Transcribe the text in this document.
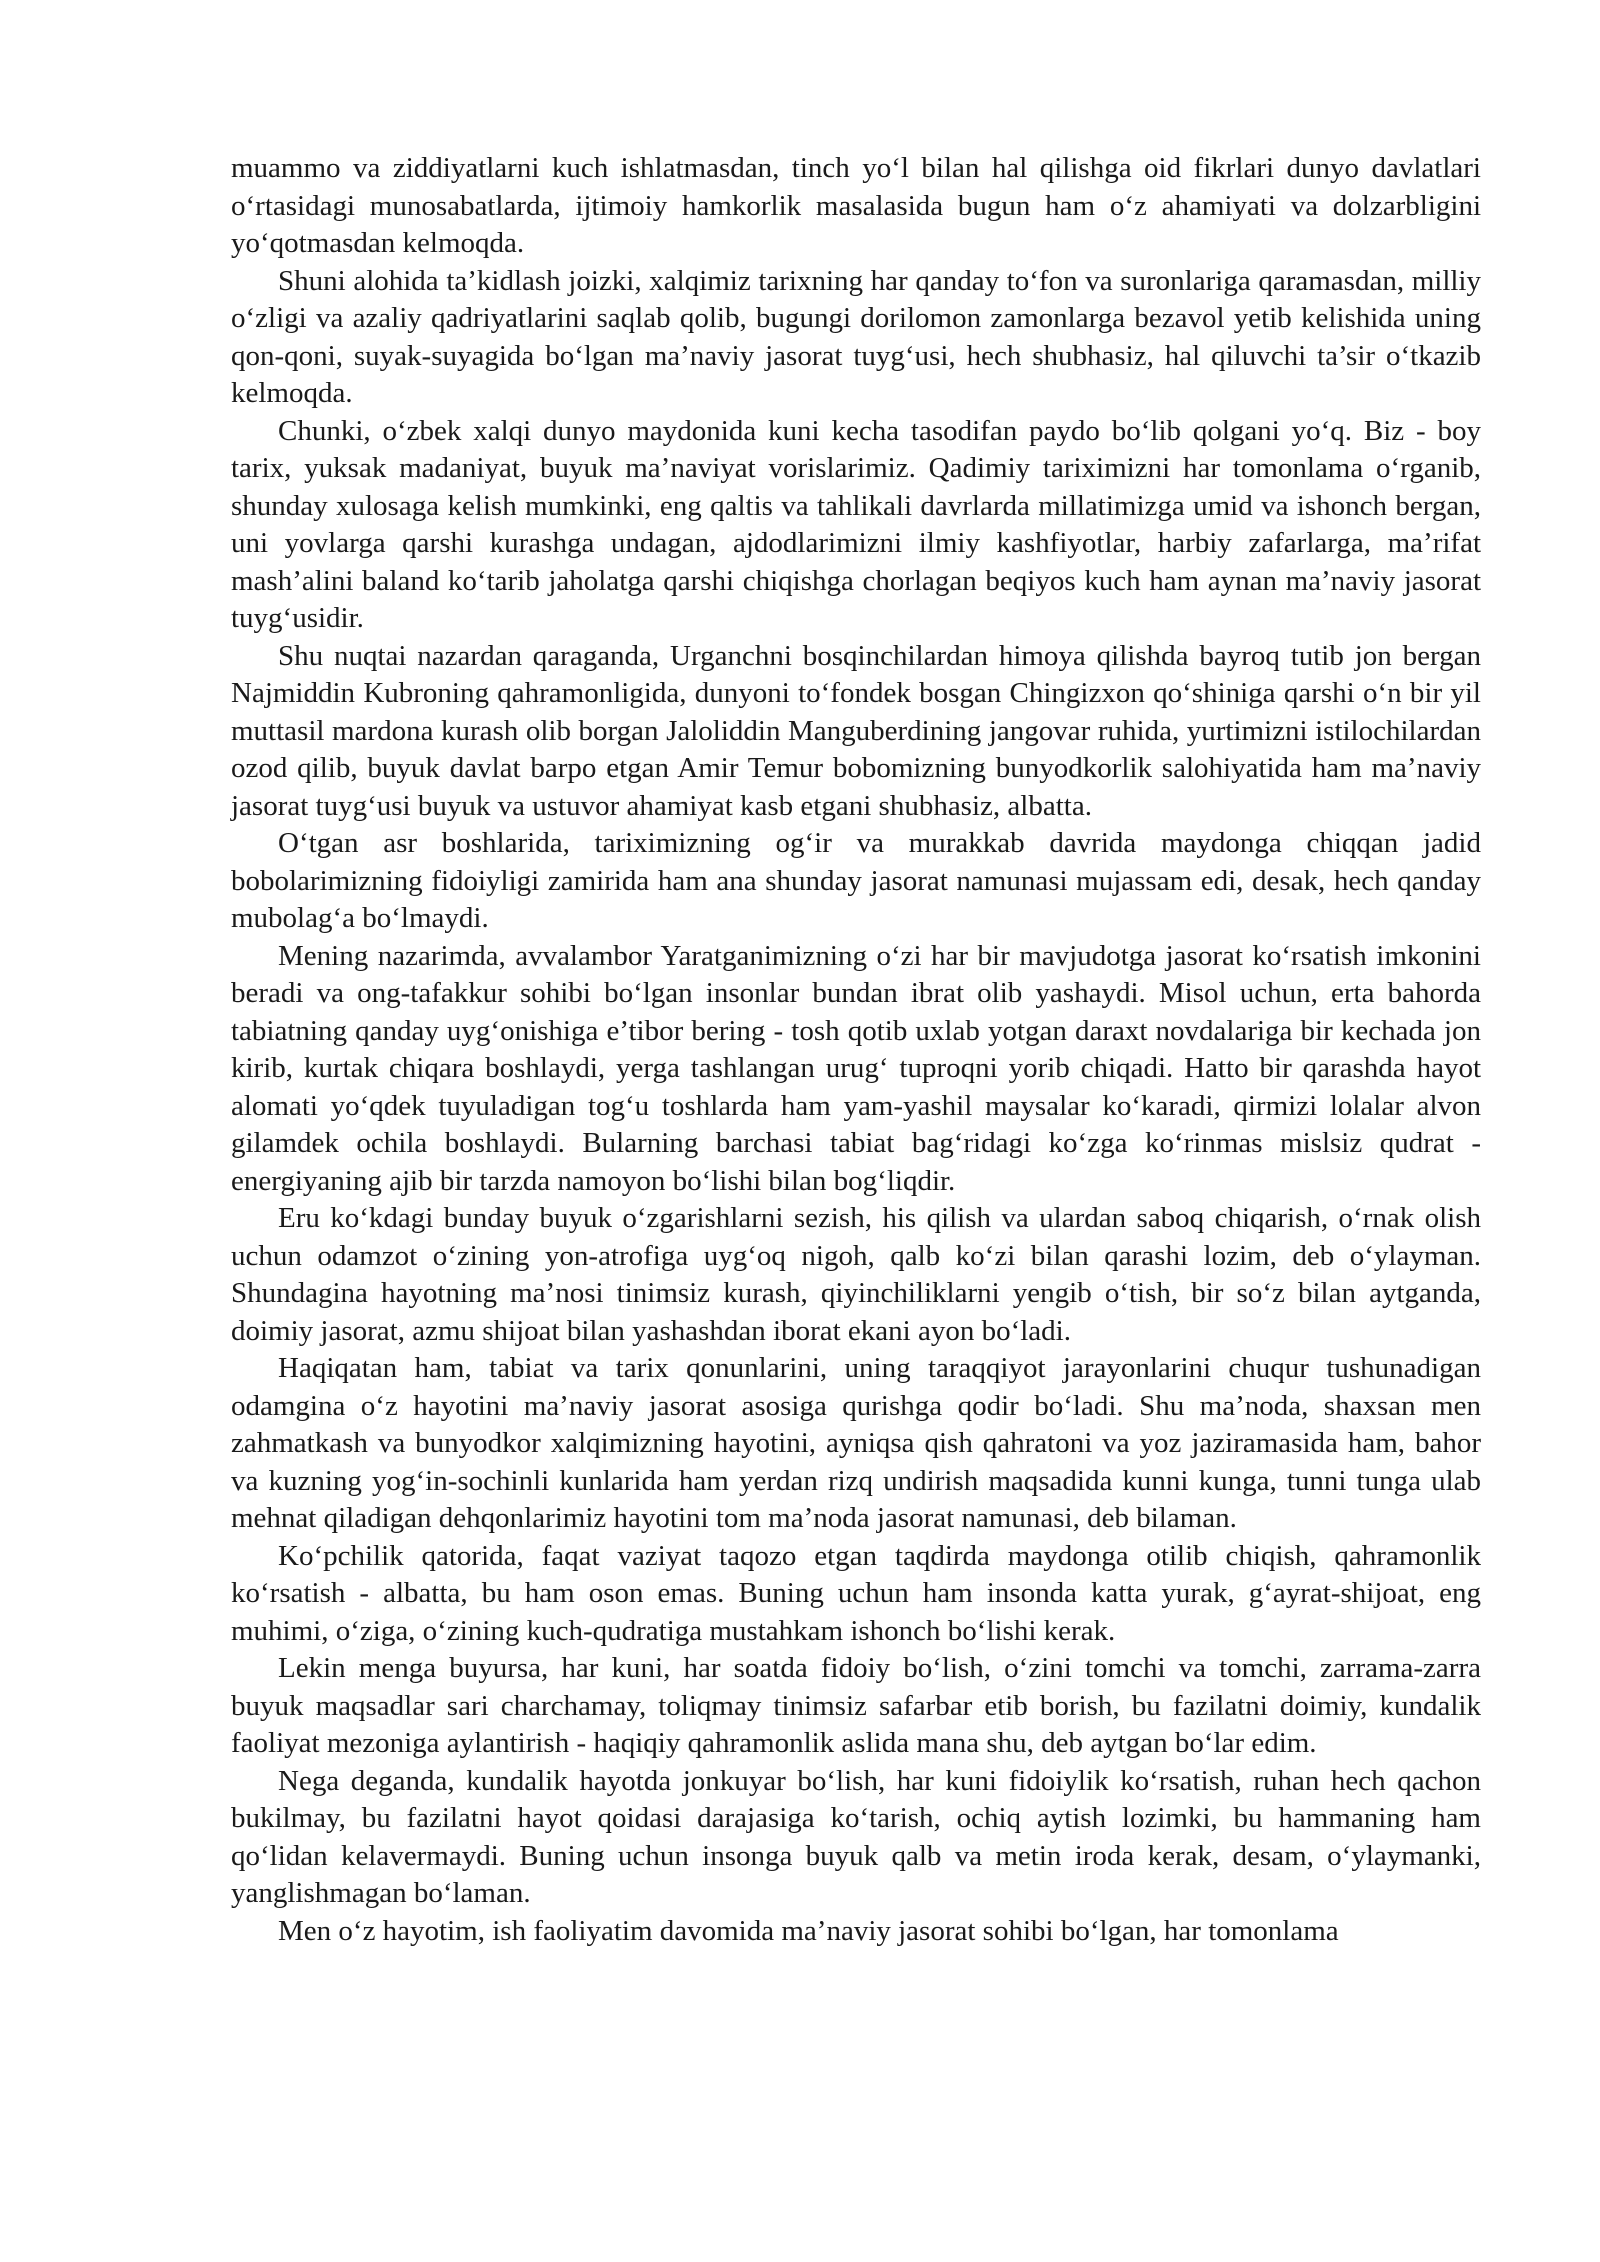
muammo va ziddiyatlarni kuch ishlatmasdan, tinch yo‘l bilan hal qilishga oid fikrlari dunyo davlatlari o‘rtasidagi munosabatlarda, ijtimoiy hamkorlik masalasida bugun ham o‘z ahamiyati va dolzarbligini yo‘qotmasdan kelmoqda.

Shuni alohida ta’kidlash joizki, xalqimiz tarixning har qanday to‘fon va suronlariga qaramasdan, milliy o‘zligi va azaliy qadriyatlarini saqlab qolib, bugungi dorilomon zamonlarga bezavol yetib kelishida uning qon-qoni, suyak-suyagida bo‘lgan ma’naviy jasorat tuyg‘usi, hech shubhasiz, hal qiluvchi ta’sir o‘tkazib kelmoqda.

Chunki, o‘zbek xalqi dunyo maydonida kuni kecha tasodifan paydo bo‘lib qolgani yo‘q. Biz - boy tarix, yuksak madaniyat, buyuk ma’naviyat vorislarimiz. Qadimiy tariximizni har tomonlama o‘rganib, shunday xulosaga kelish mumkinki, eng qaltis va tahlikali davrlarda millatimizga umid va ishonch bergan, uni yovlarga qarshi kurashga undagan, ajdodlarimizni ilmiy kashfiyotlar, harbiy zafarlarga, ma’rifat mash’alini baland ko‘tarib jaholatga qarshi chiqishga chorlagan beqiyos kuch ham aynan ma’naviy jasorat tuyg‘usidir.

Shu nuqtai nazardan qaraganda, Urganchni bosqinchilardan himoya qilishda bayroq tutib jon bergan Najmiddin Kubroning qahramonligida, dunyoni to‘fondek bosgan Chingizxon qo‘shiniga qarshi o‘n bir yil muttasil mardona kurash olib borgan Jaloliddin Manguberdining jangovar ruhida, yurtimizni istilochilardan ozod qilib, buyuk davlat barpo etgan Amir Temur bobomizning bunyodkorlik salohiyatida ham ma’naviy jasorat tuyg‘usi buyuk va ustuvor ahamiyat kasb etgani shubhasiz, albatta.

O‘tgan asr boshlarida, tariximizning og‘ir va murakkab davrida maydonga chiqqan jadid bobolarimizning fidoiyligi zamirida ham ana shunday jasorat namunasi mujassam edi, desak, hech qanday mubolag‘a bo‘lmaydi.

Mening nazarimda, avvalambor Yaratganimizning o‘zi har bir mavjudotga jasorat ko‘rsatish imkonini beradi va ong-tafakkur sohibi bo‘lgan insonlar bundan ibrat olib yashaydi. Misol uchun, erta bahorda tabiatning qanday uyg‘onishiga e’tibor bering - tosh qotib uxlab yotgan daraxt novdalariga bir kechada jon kirib, kurtak chiqara boshlaydi, yerga tashlangan urug‘ tuproqni yorib chiqadi. Hatto bir qarashda hayot alomati yo‘qdek tuyuladigan tog‘u toshlarda ham yam-yashil maysalar ko‘karadi, qirmizi lolalar alvon gilamdek ochila boshlaydi. Bularning barchasi tabiat bag‘ridagi ko‘zga ko‘rinmas mislsiz qudrat -energiyaning ajib bir tarzda namoyon bo‘lishi bilan bog‘liqdir.

Eru ko‘kdagi bunday buyuk o‘zgarishlarni sezish, his qilish va ulardan saboq chiqarish, o‘rnak olish uchun odamzot o‘zining yon-atrofiga uyg‘oq nigoh, qalb ko‘zi bilan qarashi lozim, deb o‘ylayman. Shundagina hayotning ma’nosi tinimsiz kurash, qiyinchiliklarni yengib o‘tish, bir so‘z bilan aytganda, doimiy jasorat, azmu shijoat bilan yashashdan iborat ekani ayon bo‘ladi.

Haqiqatan ham, tabiat va tarix qonunlarini, uning taraqqiyot jarayonlarini chuqur tushunadigan odamgina o‘z hayotini ma’naviy jasorat asosiga qurishga qodir bo‘ladi. Shu ma’noda, shaxsan men zahmatkash va bunyodkor xalqimizning hayotini, ayniqsa qish qahratoni va yoz jaziramasida ham, bahor va kuzning yog‘in-sochinli kunlarida ham yerdan rizq undirish maqsadida kunni kunga, tunni tunga ulab mehnat qiladigan dehqonlarimiz hayotini tom ma’noda jasorat namunasi, deb bilaman.

Ko‘pchilik qatorida, faqat vaziyat taqozo etgan taqdirda maydonga otilib chiqish, qahramonlik ko‘rsatish - albatta, bu ham oson emas. Buning uchun ham insonda katta yurak, g‘ayrat-shijoat, eng muhimi, o‘ziga, o‘zining kuch-qudratiga mustahkam ishonch bo‘lishi kerak.

Lekin menga buyursa, har kuni, har soatda fidoiy bo‘lish, o‘zini tomchi va tomchi, zarrama-zarra buyuk maqsadlar sari charchamay, toliqmay tinimsiz safarbar etib borish, bu fazilatni doimiy, kundalik faoliyat mezoniga aylantirish - haqiqiy qahramonlik aslida mana shu, deb aytgan bo‘lar edim.

Nega deganda, kundalik hayotda jonkuyar bo‘lish, har kuni fidoiylik ko‘rsatish, ruhan hech qachon bukilmay, bu fazilatni hayot qoidasi darajasiga ko‘tarish, ochiq aytish lozimki, bu hammaning ham qo‘lidan kelavermaydi. Buning uchun insonga buyuk qalb va metin iroda kerak, desam, o‘ylaymanki, yanglishmagan bo‘laman.

Men o‘z hayotim, ish faoliyatim davomida ma’naviy jasorat sohibi bo‘lgan, har tomonlama
